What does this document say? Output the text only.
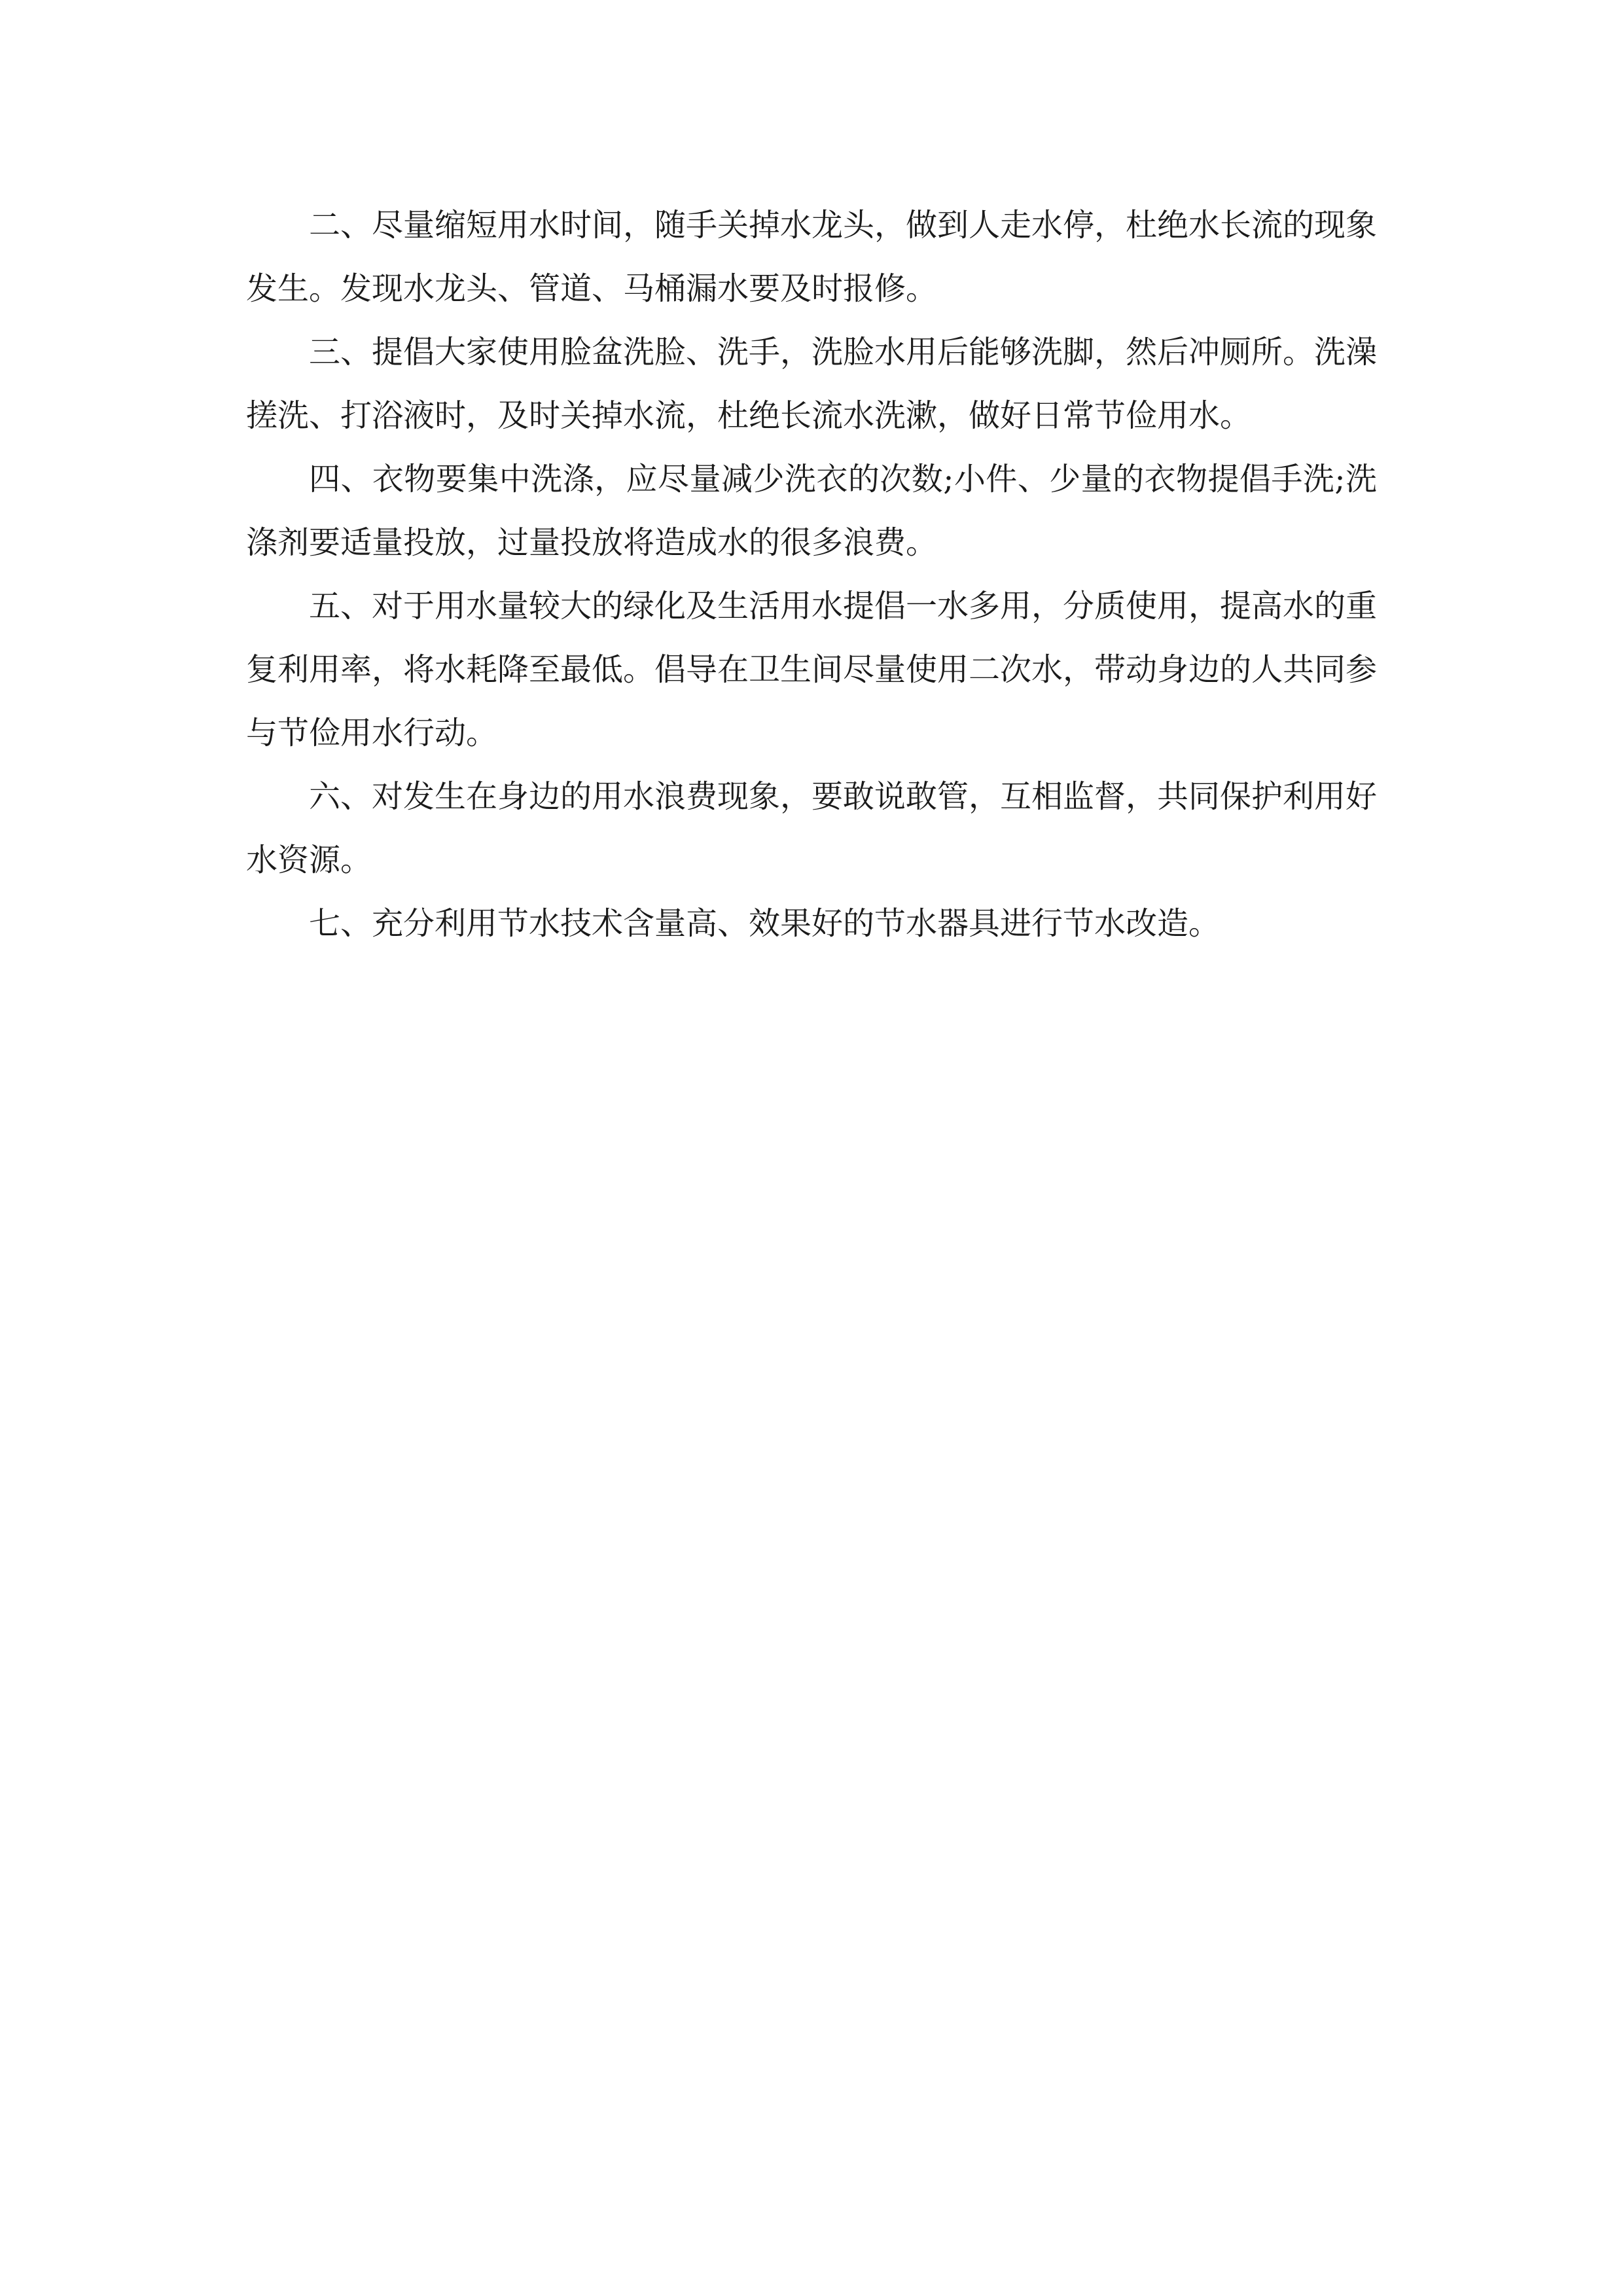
二、尽量缩短用水时间，随手关掉水龙头，做到人走水停，杜绝水长流的现象发生。发现水龙头、管道、马桶漏水要及时报修。

三、提倡大家使用脸盆洗脸、洗手，洗脸水用后能够洗脚，然后冲厕所。洗澡搓洗、打浴液时，及时关掉水流，杜绝长流水洗漱，做好日常节俭用水。

四、衣物要集中洗涤，应尽量减少洗衣的次数;小件、少量的衣物提倡手洗;洗涤剂要适量投放，过量投放将造成水的很多浪费。

五、对于用水量较大的绿化及生活用水提倡一水多用，分质使用，提高水的重复利用率，将水耗降至最低。倡导在卫生间尽量使用二次水，带动身边的人共同参与节俭用水行动。

六、对发生在身边的用水浪费现象，要敢说敢管，互相监督，共同保护利用好水资源。

七、充分利用节水技术含量高、效果好的节水器具进行节水改造。
